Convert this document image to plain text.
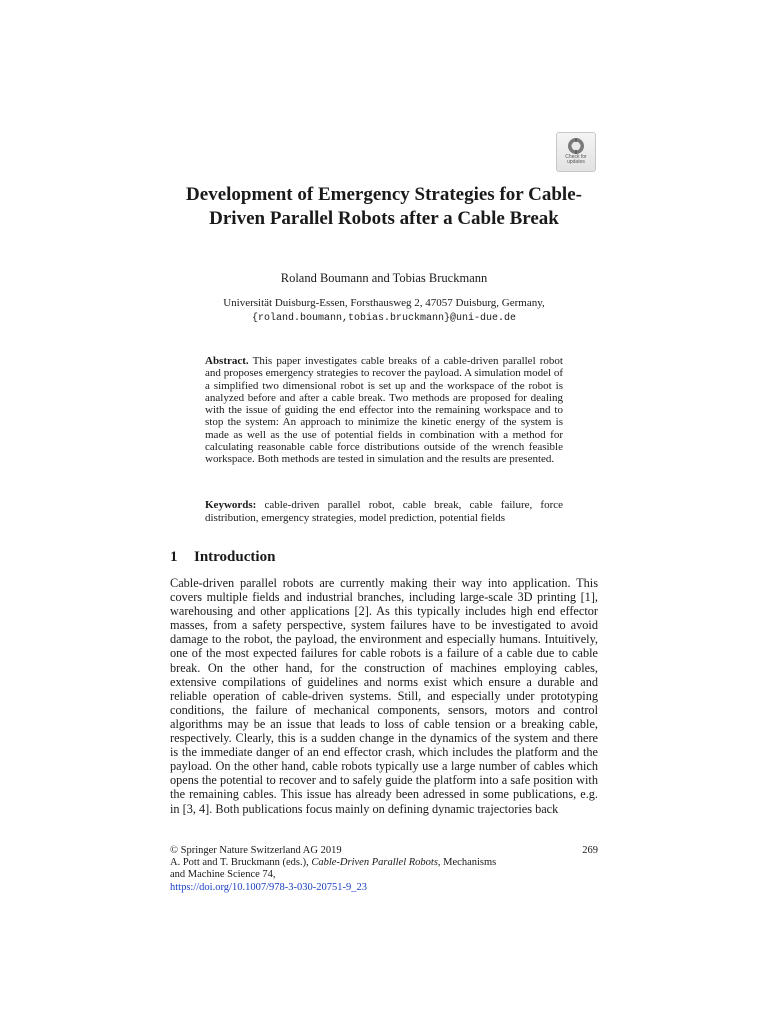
Check for
updates
Development of Emergency Strategies for Cable-Driven Parallel Robots after a Cable Break
Roland Boumann and Tobias Bruckmann
Universität Duisburg-Essen, Forsthausweg 2, 47057 Duisburg, Germany,
{roland.boumann,tobias.bruckmann}@uni-due.de

Abstract. This paper investigates cable breaks of a cable-driven parallel robot and proposes emergency strategies to recover the payload. A simulation model of a simplified two dimensional robot is set up and the workspace of the robot is analyzed before and after a cable break. Two methods are proposed for dealing with the issue of guiding the end effector into the remaining workspace and to stop the system: An approach to minimize the kinetic energy of the system is made as well as the use of potential fields in combination with a method for calculating reasonable cable force distributions outside of the wrench feasible workspace. Both methods are tested in simulation and the results are presented.

Keywords: cable-driven parallel robot, cable break, cable failure, force distribution, emergency strategies, model prediction, potential fields

1 Introduction

Cable-driven parallel robots are currently making their way into application. This covers multiple fields and industrial branches, including large-scale 3D printing [1], warehousing and other applications [2]. As this typically includes high end effector masses, from a safety perspective, system failures have to be investigated to avoid damage to the robot, the payload, the environment and especially humans. Intuitively, one of the most expected failures for cable robots is a failure of a cable due to cable break. On the other hand, for the construction of machines employing cables, extensive compilations of guidelines and norms exist which ensure a durable and reliable operation of cable-driven systems. Still, and especially under prototyping conditions, the failure of mechanical components, sensors, motors and control algorithms may be an issue that leads to loss of cable tension or a breaking cable, respectively. Clearly, this is a sudden change in the dynamics of the system and there is the immediate danger of an end effector crash, which includes the platform and the payload. On the other hand, cable robots typically use a large number of cables which opens the potential to recover and to safely guide the platform into a safe position with the remaining cables. This issue has already been adressed in some publications, e.g. in [3, 4]. Both publications focus mainly on defining dynamic trajectories back

© Springer Nature Switzerland AG 2019
A. Pott and T. Bruckmann (eds.), Cable-Driven Parallel Robots, Mechanisms and Machine Science 74,
https://doi.org/10.1007/978-3-030-20751-9_23
269
